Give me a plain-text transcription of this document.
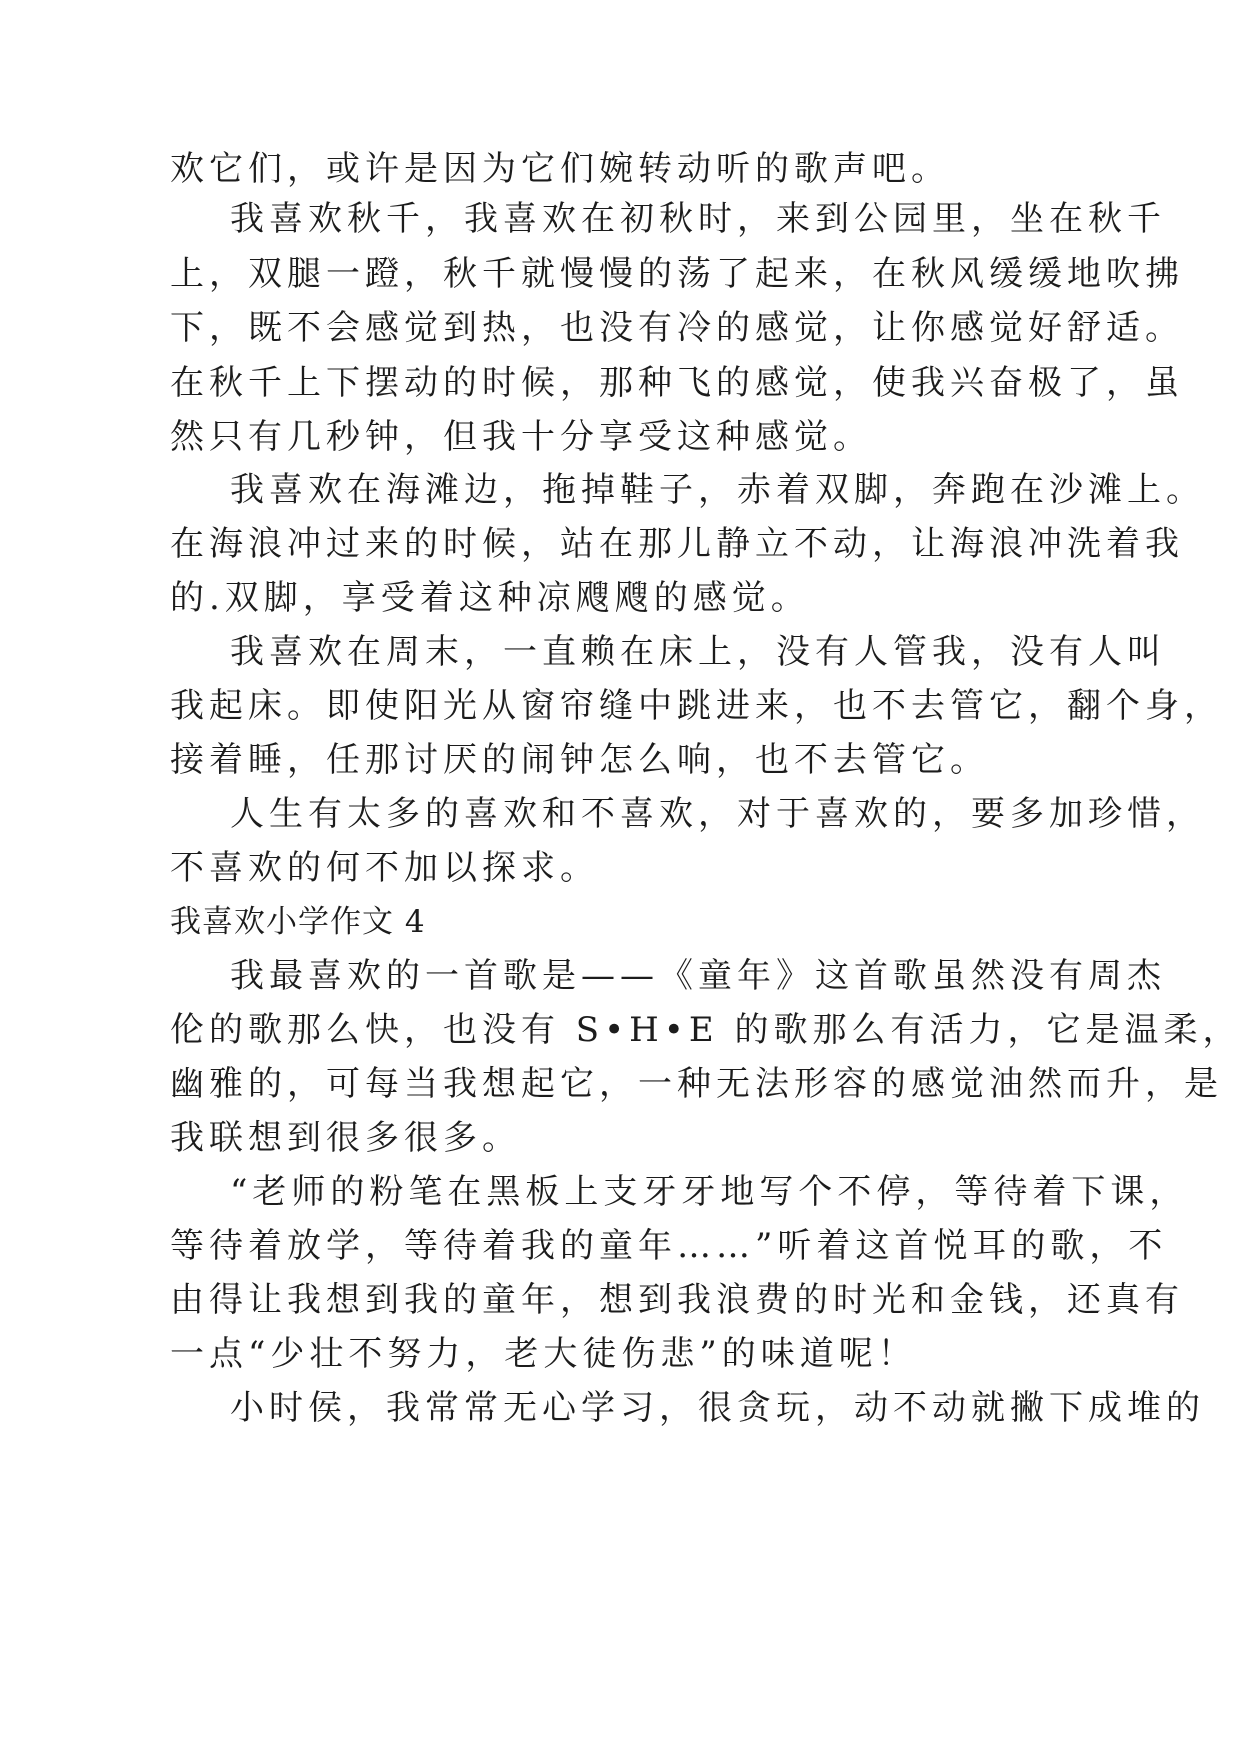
欢它们，或许是因为它们婉转动听的歌声吧。
我喜欢秋千，我喜欢在初秋时，来到公园里，坐在秋千
上，双腿一蹬，秋千就慢慢的荡了起来，在秋风缓缓地吹拂
下，既不会感觉到热，也没有冷的感觉，让你感觉好舒适。
在秋千上下摆动的时候，那种飞的感觉，使我兴奋极了，虽
然只有几秒钟，但我十分享受这种感觉。
我喜欢在海滩边，拖掉鞋子，赤着双脚，奔跑在沙滩上。
在海浪冲过来的时候，站在那儿静立不动，让海浪冲洗着我
的.双脚，享受着这种凉飕飕的感觉。
我喜欢在周末，一直赖在床上，没有人管我，没有人叫
我起床。即使阳光从窗帘缝中跳进来，也不去管它，翻个身，
接着睡，任那讨厌的闹钟怎么响，也不去管它。
人生有太多的喜欢和不喜欢，对于喜欢的，要多加珍惜，
不喜欢的何不加以探求。
我喜欢小学作文 4
我最喜欢的一首歌是——《童年》这首歌虽然没有周杰
伦的歌那么快，也没有 S•H•E 的歌那么有活力，它是温柔，
幽雅的，可每当我想起它，一种无法形容的感觉油然而升，是
我联想到很多很多。
“老师的粉笔在黑板上支牙牙地写个不停，等待着下课，
等待着放学，等待着我的童年……”听着这首悦耳的歌，不
由得让我想到我的童年，想到我浪费的时光和金钱，还真有
一点“少壮不努力，老大徒伤悲”的味道呢！
小时侯，我常常无心学习，很贪玩，动不动就撇下成堆的
